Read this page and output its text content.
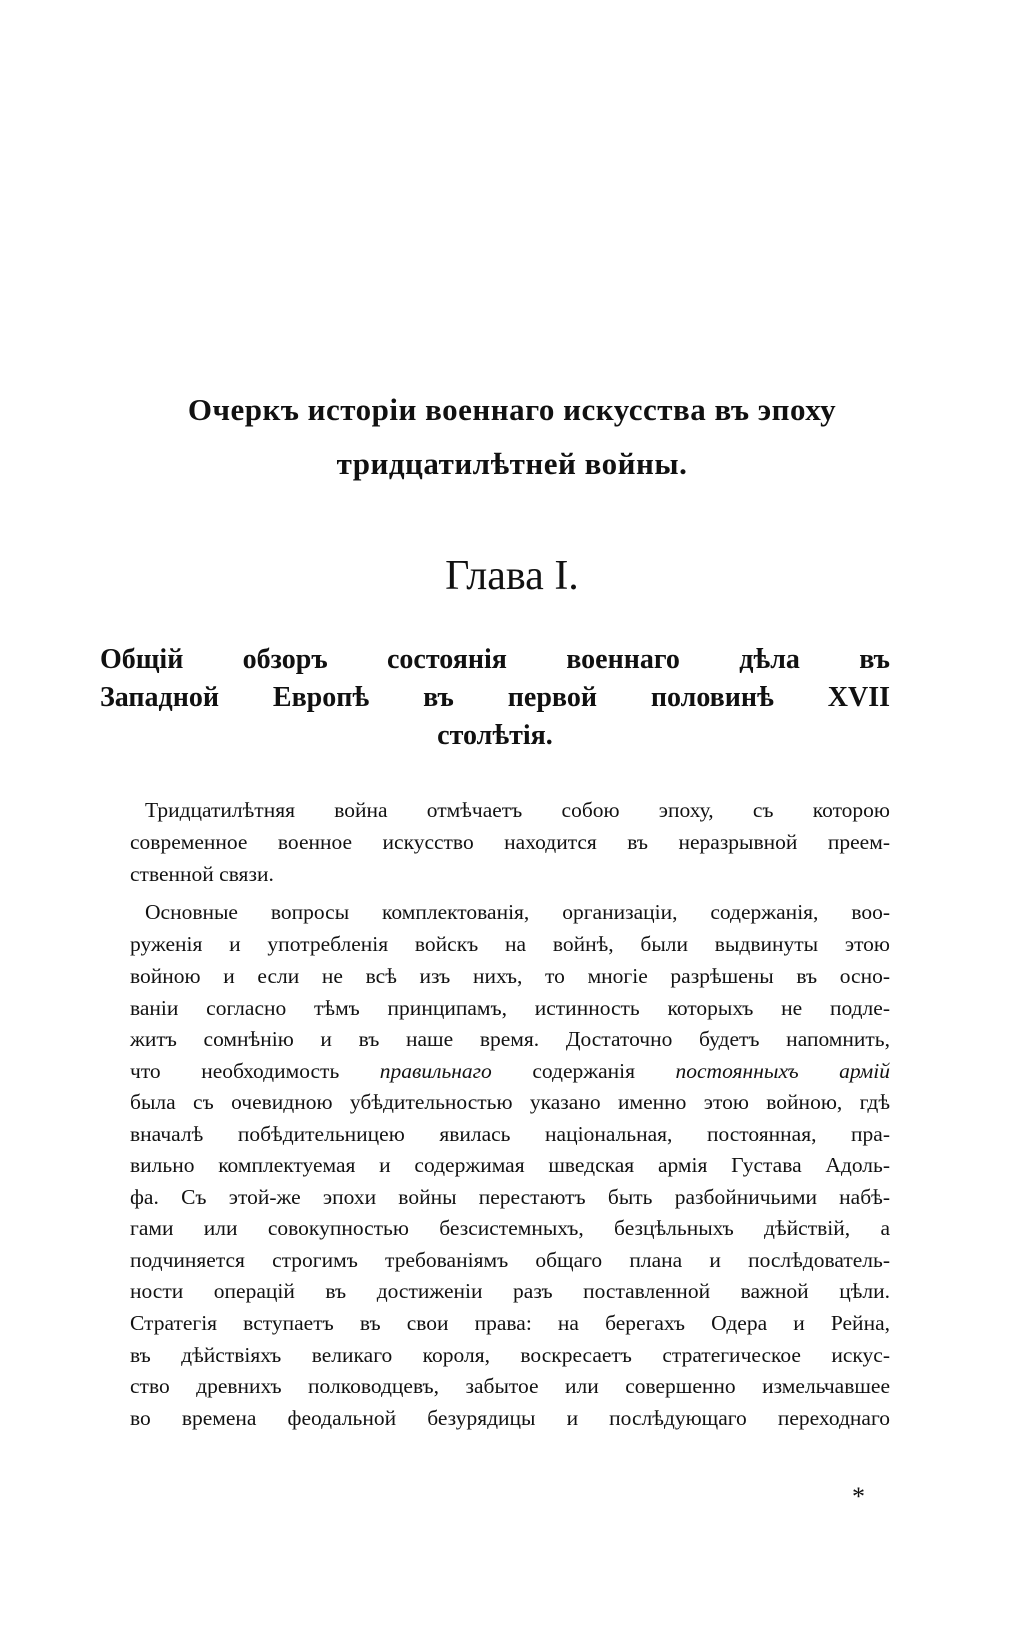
Очеркъ исторіи военнаго искусства въ эпоху
тридцатилѣтней войны.
Глава I.
Общій обзоръ состоянія военнаго дѣла въ
Западной Европѣ въ первой половинѣ XVII
столѣтія.
Тридцатилѣтняя война отмѣчаетъ собою эпоху, съ которою
современное военное искусство находится въ неразрывной преем-
ственной связи.
Основные вопросы комплектованія, организаціи, содержанія, воо-
руженія и употребленія войскъ на войнѣ, были выдвинуты этою
войною и если не всѣ изъ нихъ, то многіе разрѣшены въ осно-
ваніи согласно тѣмъ принципамъ, истинность которыхъ не подле-
житъ сомнѣнію и въ наше время. Достаточно будетъ напомнить,
что необходимость правильнаго содержанія постоянныхъ армій
была съ очевидною убѣдительностью указано именно этою войною, гдѣ
вначалѣ побѣдительницею явилась національная, постоянная, пра-
вильно комплектуемая и содержимая шведская армія Густава Адоль-
фа. Съ этой-же эпохи войны перестаютъ быть разбойничьими набѣ-
гами или совокупностью безсистемныхъ, безцѣльныхъ дѣйствій, а
подчиняется строгимъ требованіямъ общаго плана и послѣдователь-
ности операцій въ достиженіи разъ поставленной важной цѣли.
Стратегія вступаетъ въ свои права: на берегахъ Одера и Рейна,
въ дѣйствіяхъ великаго короля, воскресаетъ стратегическое искус-
ство древнихъ полководцевъ, забытое или совершенно измельчавшее
во времена феодальной безурядицы и послѣдующаго переходнаго
*
